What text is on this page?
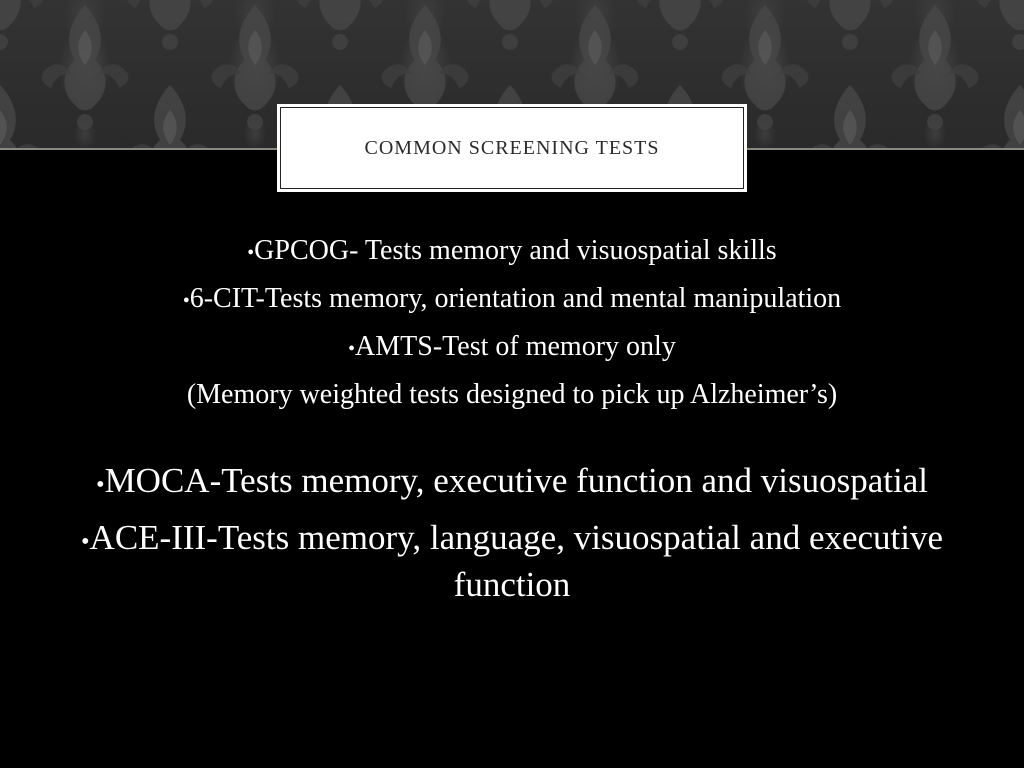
COMMON SCREENING TESTS

•GPCOG- Tests memory and visuospatial skills

•6-CIT-Tests memory, orientation and mental manipulation

•AMTS-Test of memory only

(Memory weighted tests designed to pick up Alzheimer’s)

•MOCA-Tests memory, executive function and visuospatial

•ACE-III-Tests memory, language, visuospatial and executive function
